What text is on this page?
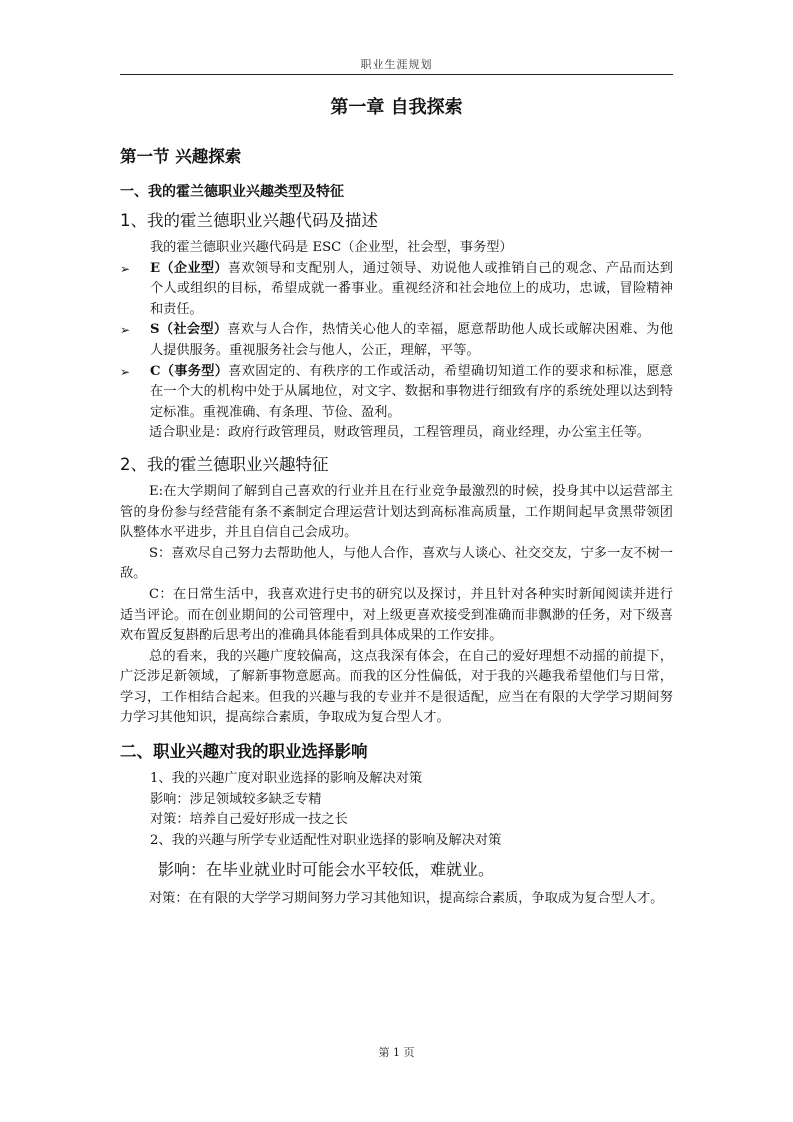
职业生涯规划
第一章 自我探索
第一节 兴趣探索
一、我的霍兰德职业兴趣类型及特征
1、我的霍兰德职业兴趣代码及描述

我的霍兰德职业兴趣代码是 ESC（企业型，社会型，事务型）

➢ E（企业型）喜欢领导和支配别人，通过领导、劝说他人或推销自己的观念、产品而达到个人或组织的目标，希望成就一番事业。重视经济和社会地位上的成功，忠诚，冒险精神和责任。
➢ S（社会型）喜欢与人合作，热情关心他人的幸福，愿意帮助他人成长或解决困难、为他人提供服务。重视服务社会与他人，公正，理解，平等。
➢ C（事务型）喜欢固定的、有秩序的工作或活动，希望确切知道工作的要求和标准，愿意在一个大的机构中处于从属地位，对文字、数据和事物进行细致有序的系统处理以达到特定标准。重视准确、有条理、节俭、盈利。

适合职业是：政府行政管理员，财政管理员，工程管理员，商业经理，办公室主任等。

2、我的霍兰德职业兴趣特征

E:在大学期间了解到自己喜欢的行业并且在行业竞争最激烈的时候，投身其中以运营部主管的身份参与经营能有条不紊制定合理运营计划达到高标准高质量，工作期间起早贪黑带领团队整体水平进步，并且自信自己会成功。

S：喜欢尽自己努力去帮助他人，与他人合作，喜欢与人谈心、社交交友，宁多一友不树一敌。

C：在日常生活中，我喜欢进行史书的研究以及探讨，并且针对各种实时新闻阅读并进行适当评论。而在创业期间的公司管理中，对上级更喜欢接受到准确而非飘渺的任务，对下级喜欢布置反复斟酌后思考出的准确具体能看到具体成果的工作安排。

总的看来，我的兴趣广度较偏高，这点我深有体会，在自己的爱好理想不动摇的前提下，广泛涉足新领域，了解新事物意愿高。而我的区分性偏低，对于我的兴趣我希望他们与日常，学习，工作相结合起来。但我的兴趣与我的专业并不是很适配，应当在有限的大学学习期间努力学习其他知识，提高综合素质，争取成为复合型人才。

二、职业兴趣对我的职业选择影响

1、我的兴趣广度对职业选择的影响及解决对策

影响：涉足领域较多缺乏专精

对策：培养自己爱好形成一技之长

2、我的兴趣与所学专业适配性对职业选择的影响及解决对策

影响：在毕业就业时可能会水平较低，难就业。

对策：在有限的大学学习期间努力学习其他知识，提高综合素质，争取成为复合型人才。

第 1 页
